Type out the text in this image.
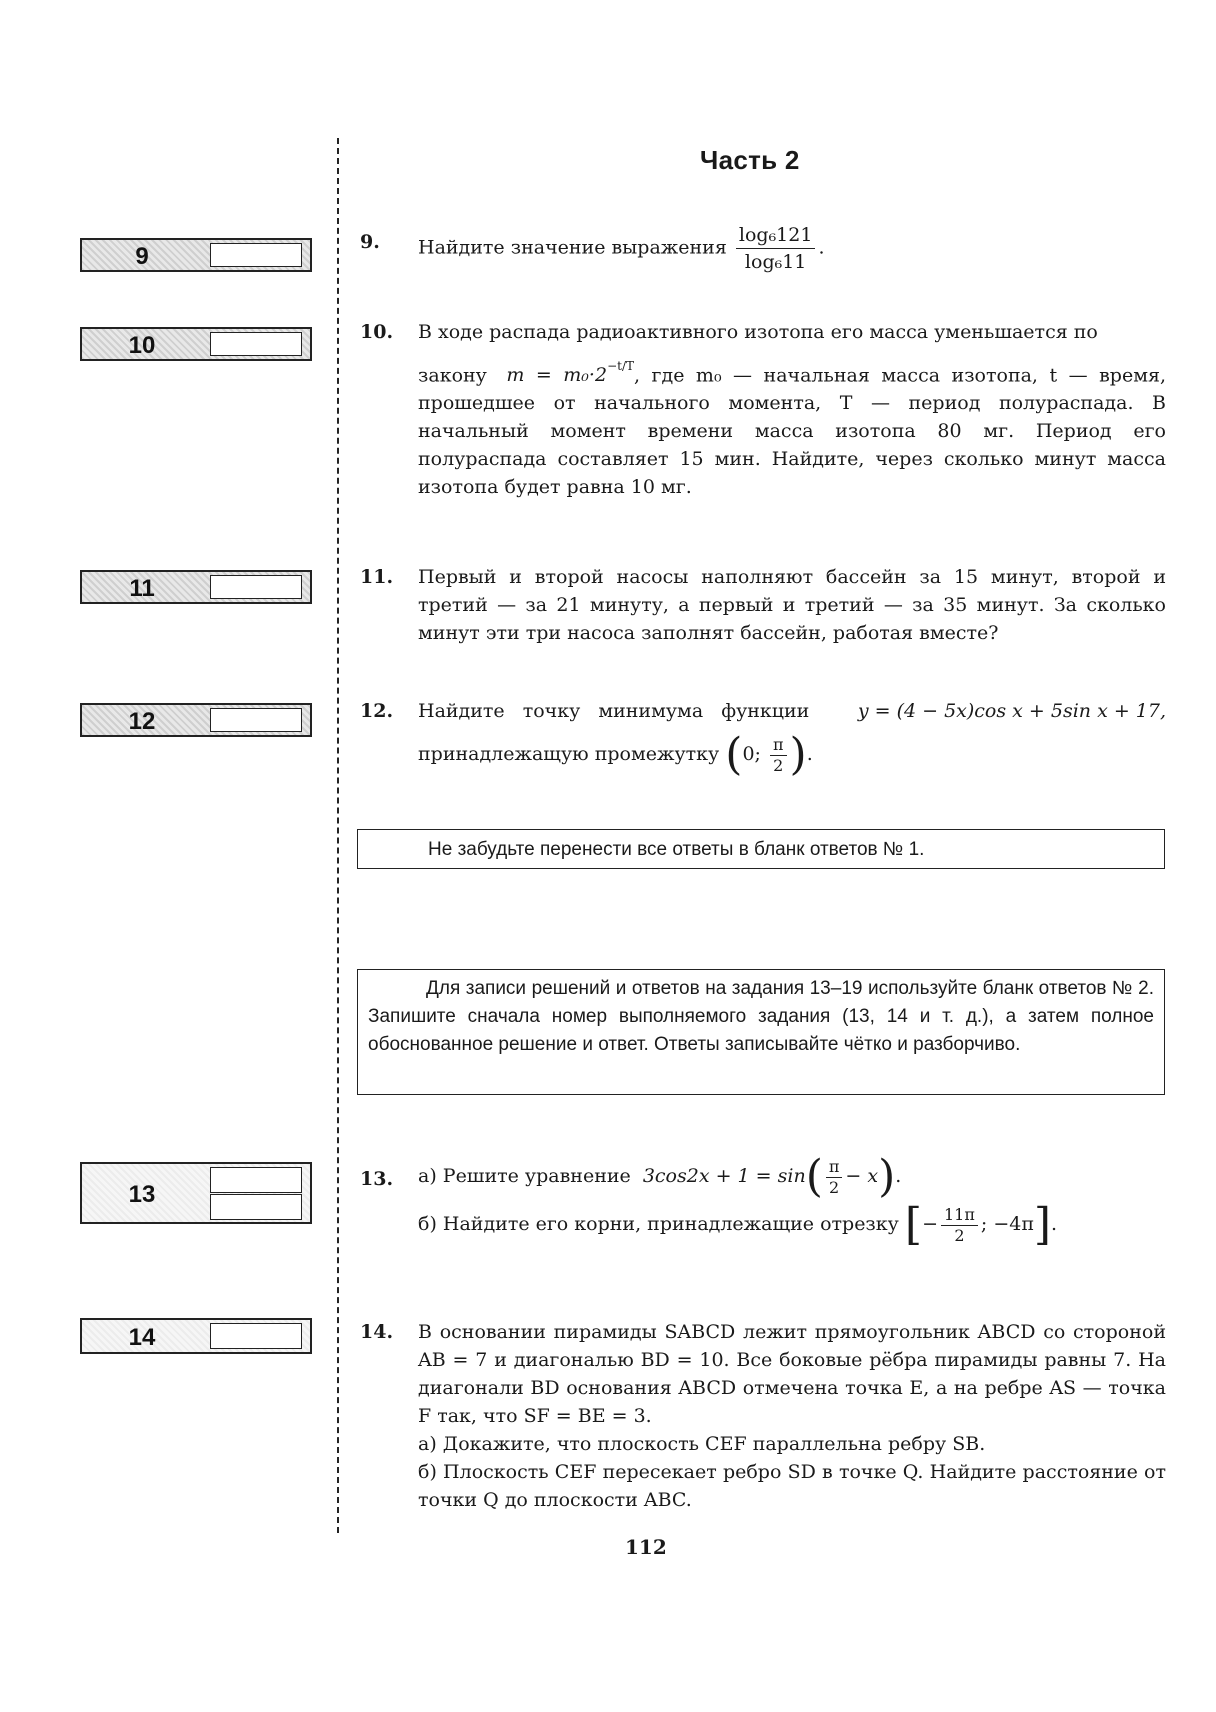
Часть 2
9
10
11
12
13
14
9. Найдите значение выражения $\frac{\text{log₆121}}{\text{log₆11}}$ .
10. В ходе распада радиоактивного изотопа его масса уменьшается по
закону $m = m_0\cdot 2^{-t/T}$, где m₀ — начальная масса изотопа, t — время, прошедшее от начального момента, T — период полураспада. В начальный момент времени масса изотопа 80 мг. Период его полураспада составляет 15 мин. Найдите, через сколько минут масса изотопа будет равна 10 мг.
11. Первый и второй насосы наполняют бассейн за 15 минут, второй и третий — за 21 минуту, а первый и третий — за 35 минут. За сколько минут эти три насоса заполнят бассейн, работая вместе?
12. Найдите точку минимума функции	y = (4 − 5x)cos x + 5sin x + 17,
принадлежащую промежутку (0; $\frac{\pi}{2}$ ).
Не забудьте перенести все ответы в бланк ответов № 1.
Для записи решений и ответов на задания 13–19 используйте бланк ответов № 2. Запишите сначала номер выполняемого задания (13, 14 и т. д.), а затем полное обоснованное решение и ответ. Ответы записывайте чётко и разборчиво.
13. а) Решите уравнение $3\cos 2x + 1 = \sin( \frac{\pi}{2} - x)$.
б) Найдите его корни, принадлежащие отрезку [− $\frac{11\pi}{2}$ ; −4π].
14. В основании пирамиды SABCD лежит прямоугольник ABCD со стороной AB = 7 и диагональю BD = 10. Все боковые рёбра пирамиды равны 7. На диагонали BD основания ABCD отмечена точка E, а на ребре AS — точка F так, что SF = BE = 3.
а) Докажите, что плоскость CEF параллельна ребру SB.
б) Плоскость CEF пересекает ребро SD в точке Q. Найдите расстояние от точки Q до плоскости ABC.
112
